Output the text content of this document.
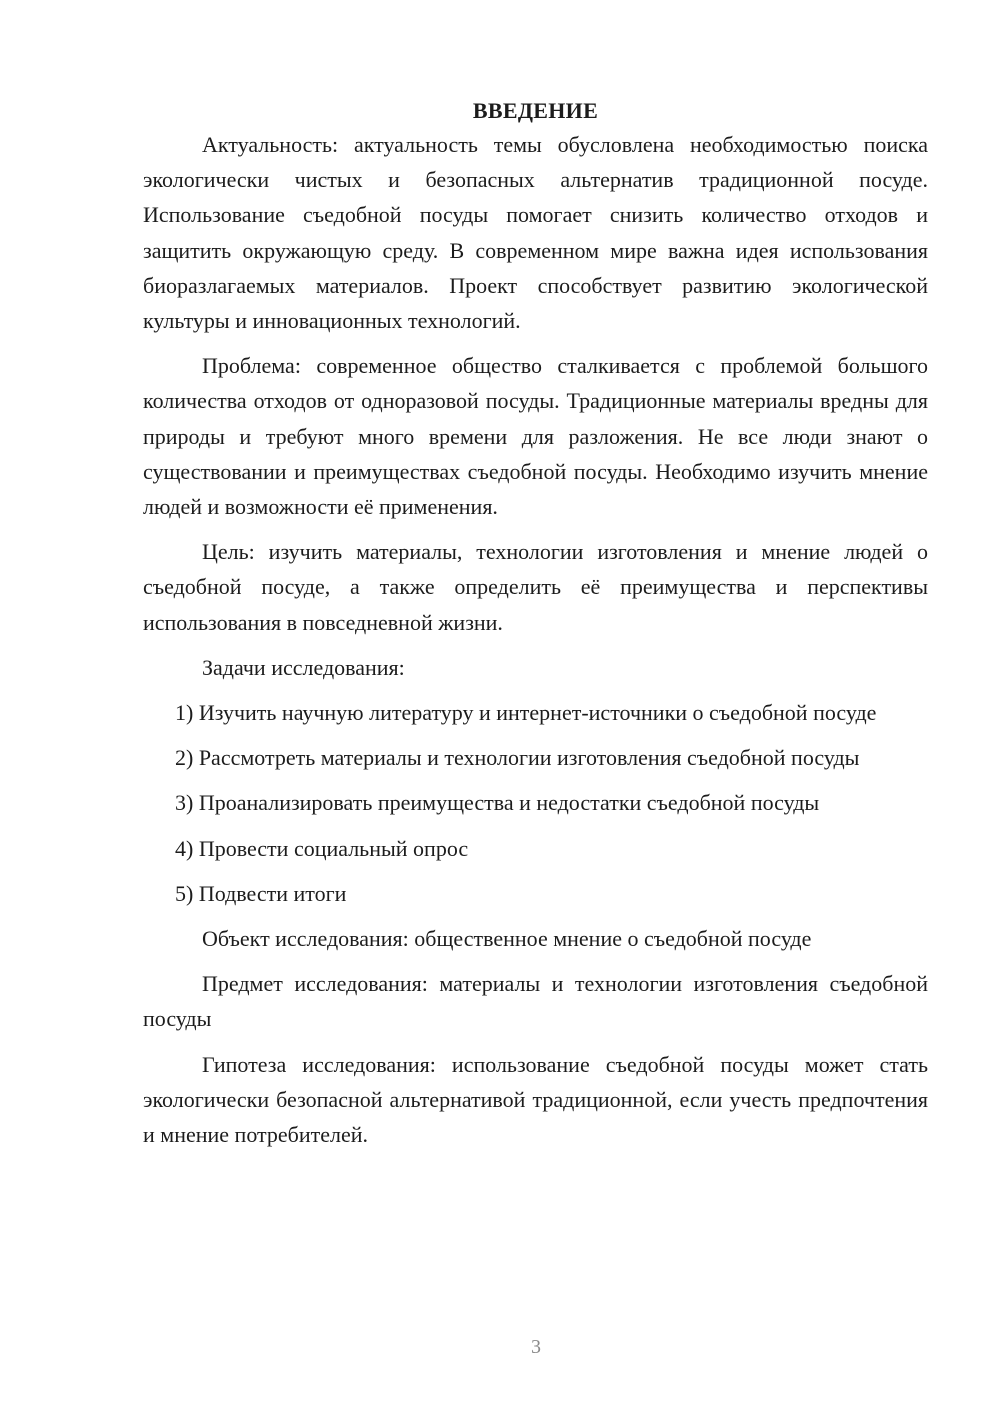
ВВЕДЕНИЕ

Актуальность: актуальность темы обусловлена необходимостью поиска экологически чистых и безопасных альтернатив традиционной посуде. Использование съедобной посуды помогает снизить количество отходов и защитить окружающую среду. В современном мире важна идея использования биоразлагаемых материалов. Проект способствует развитию экологической культуры и инновационных технологий.

Проблема: современное общество сталкивается с проблемой большого количества отходов от одноразовой посуды. Традиционные материалы вредны для природы и требуют много времени для разложения. Не все люди знают о существовании и преимуществах съедобной посуды. Необходимо изучить мнение людей и возможности её применения.

Цель: изучить материалы, технологии изготовления и мнение людей о съедобной посуде, а также определить её преимущества и перспективы использования в повседневной жизни.

Задачи исследования:

1) Изучить научную литературу и интернет-источники о съедобной посуде

2) Рассмотреть материалы и технологии изготовления съедобной посуды

3) Проанализировать преимущества и недостатки съедобной посуды

4) Провести социальный опрос

5) Подвести итоги

Объект исследования: общественное мнение о съедобной посуде

Предмет исследования: материалы и технологии изготовления съедобной посуды

Гипотеза исследования: использование съедобной посуды может стать экологически безопасной альтернативой традиционной, если учесть предпочтения и мнение потребителей.

3
